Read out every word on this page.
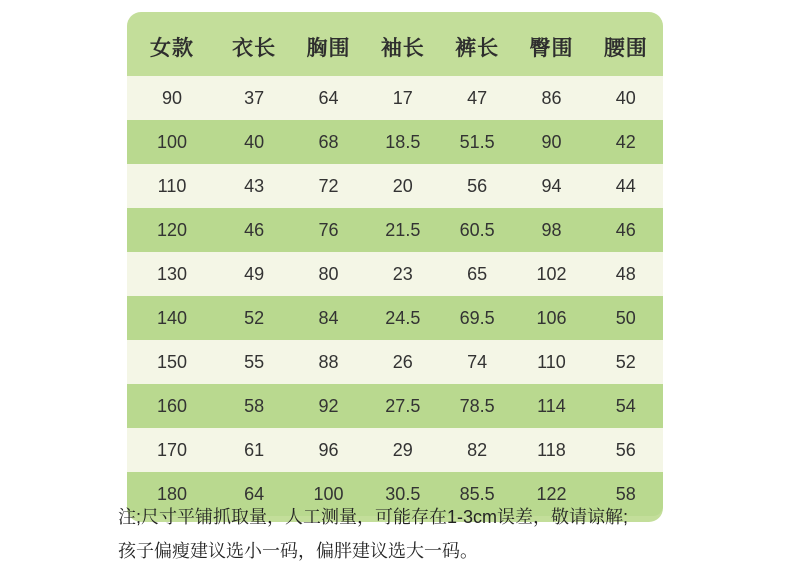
女款	衣长	胸围	袖长	裤长	臀围	腰围
90	37	64	17	47	86	40
100	40	68	18.5	51.5	90	42
110	43	72	20	56	94	44
120	46	76	21.5	60.5	98	46
130	49	80	23	65	102	48
140	52	84	24.5	69.5	106	50
150	55	88	26	74	110	52
160	58	92	27.5	78.5	114	54
170	61	96	29	82	118	56
180	64	100	30.5	85.5	122	58
注;尺寸平铺抓取量，人工测量，可能存在1-3cm误差，敬请谅解;
孩子偏瘦建议选小一码，偏胖建议选大一码。
